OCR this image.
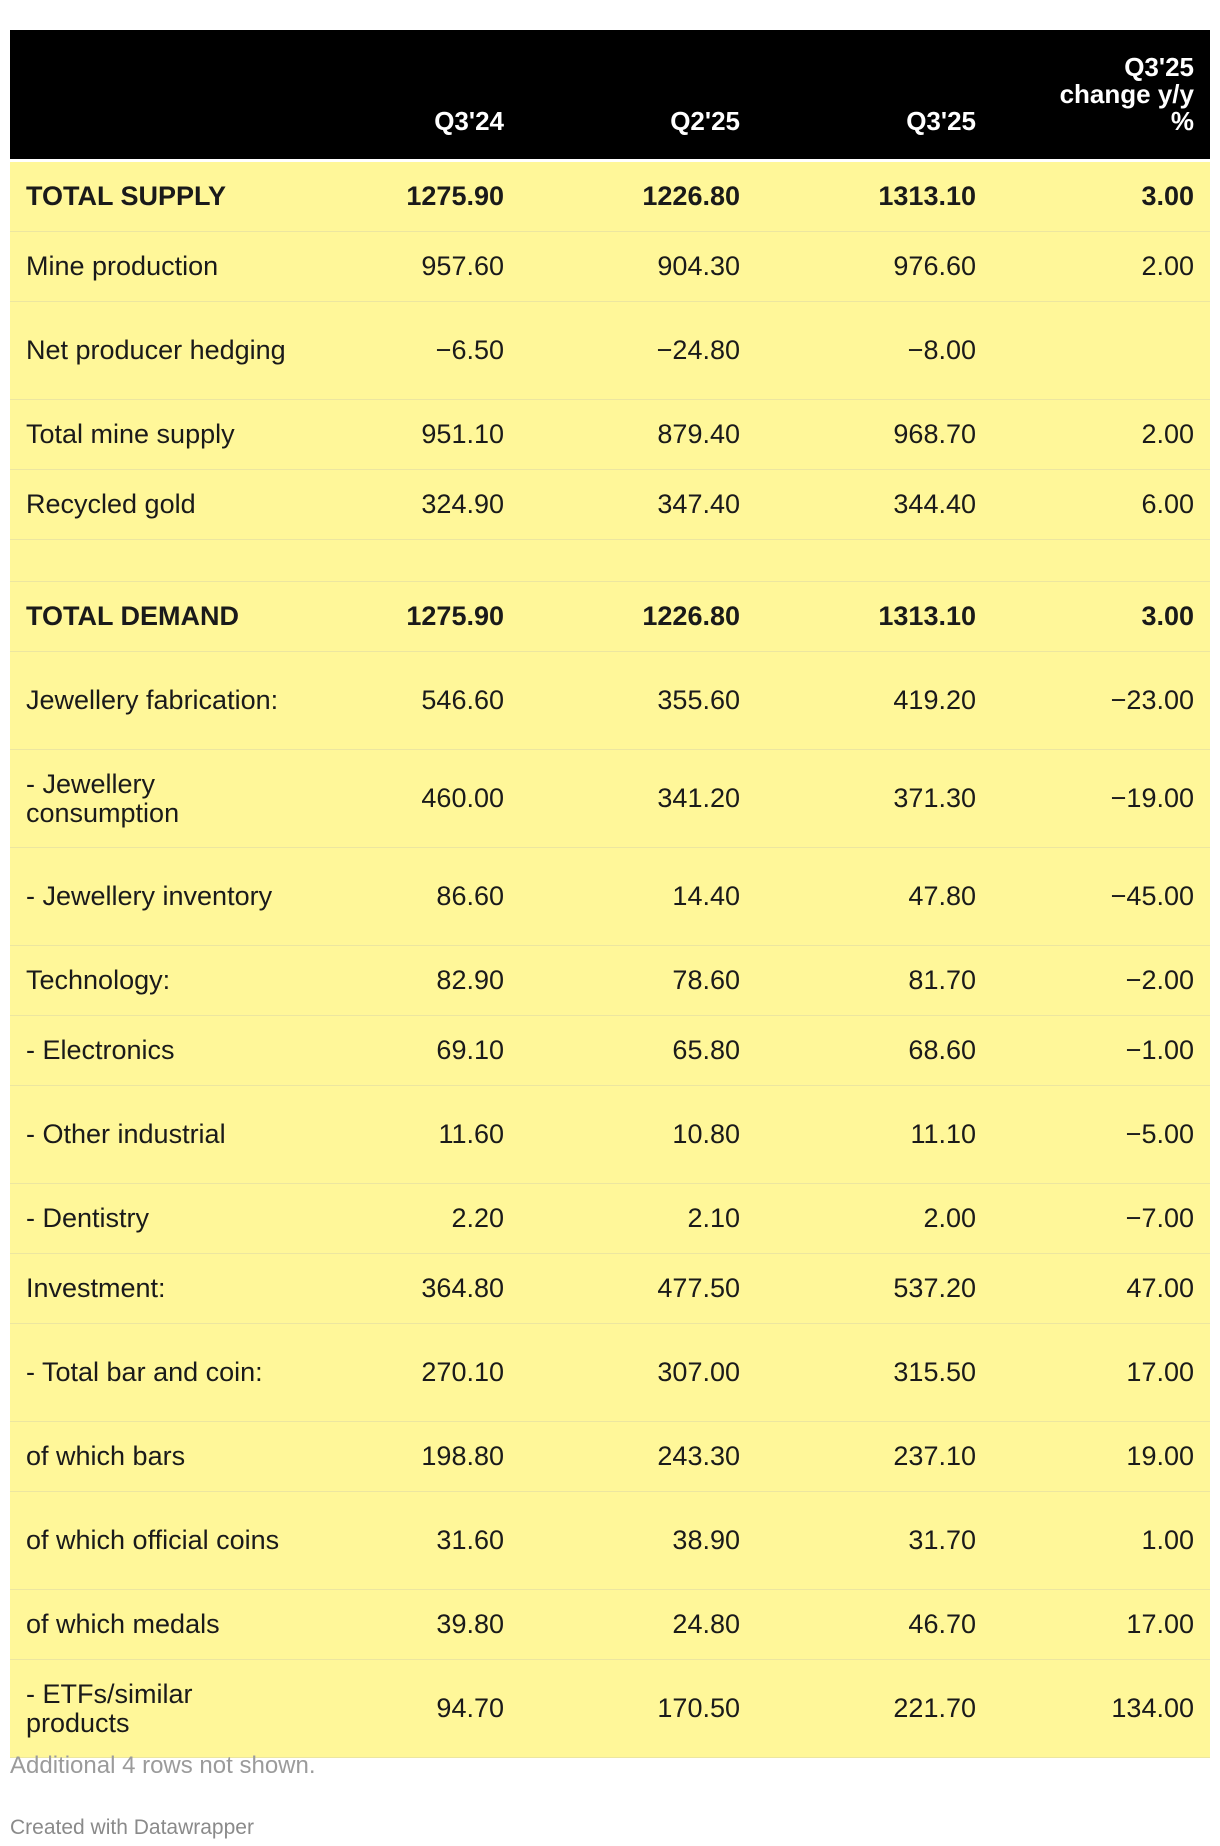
	Q3'24	Q2'25	Q3'25	Q3'25
change y/y
%

TOTAL SUPPLY	1275.90	1226.80	1313.10	3.00
Mine production	957.60	904.30	976.60	2.00
Net producer hedging	−6.50	−24.80	−8.00	
Total mine supply	951.10	879.40	968.70	2.00
Recycled gold	324.90	347.40	344.40	6.00

TOTAL DEMAND	1275.90	1226.80	1313.10	3.00
Jewellery fabrication:	546.60	355.60	419.20	−23.00
- Jewellery consumption	460.00	341.20	371.30	−19.00
- Jewellery inventory	86.60	14.40	47.80	−45.00
Technology:	82.90	78.60	81.70	−2.00
- Electronics	69.10	65.80	68.60	−1.00
- Other industrial	11.60	10.80	11.10	−5.00
- Dentistry	2.20	2.10	2.00	−7.00
Investment:	364.80	477.50	537.20	47.00
- Total bar and coin:	270.10	307.00	315.50	17.00
of which bars	198.80	243.30	237.10	19.00
of which official coins	31.60	38.90	31.70	1.00
of which medals	39.80	24.80	46.70	17.00
- ETFs/similar products	94.70	170.50	221.70	134.00
Additional 4 rows not shown.
Created with Datawrapper
